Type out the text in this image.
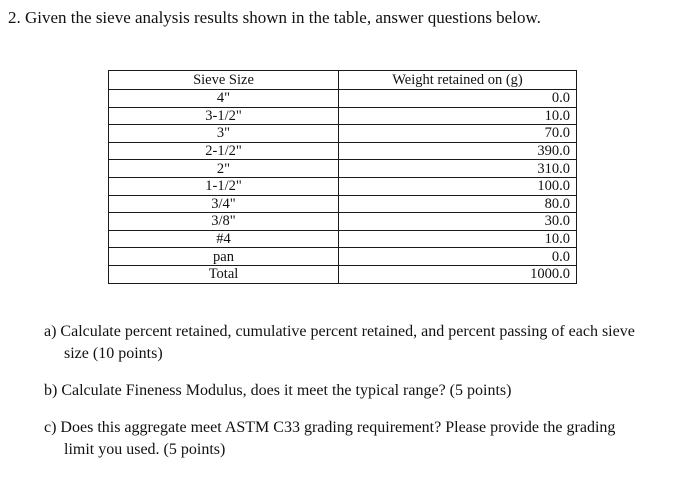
2. Given the sieve analysis results shown in the table, answer questions below.
Sieve Size	Weight retained on (g)
4"	0.0
3-1/2"	10.0
3"	70.0
2-1/2"	390.0
2"	310.0
1-1/2"	100.0
3/4"	80.0
3/8"	30.0
#4	10.0
pan	0.0
Total	1000.0
a) Calculate percent retained, cumulative percent retained, and percent passing of each sieve
size (10 points)
b) Calculate Fineness Modulus, does it meet the typical range? (5 points)
c) Does this aggregate meet ASTM C33 grading requirement? Please provide the grading
limit you used. (5 points)
